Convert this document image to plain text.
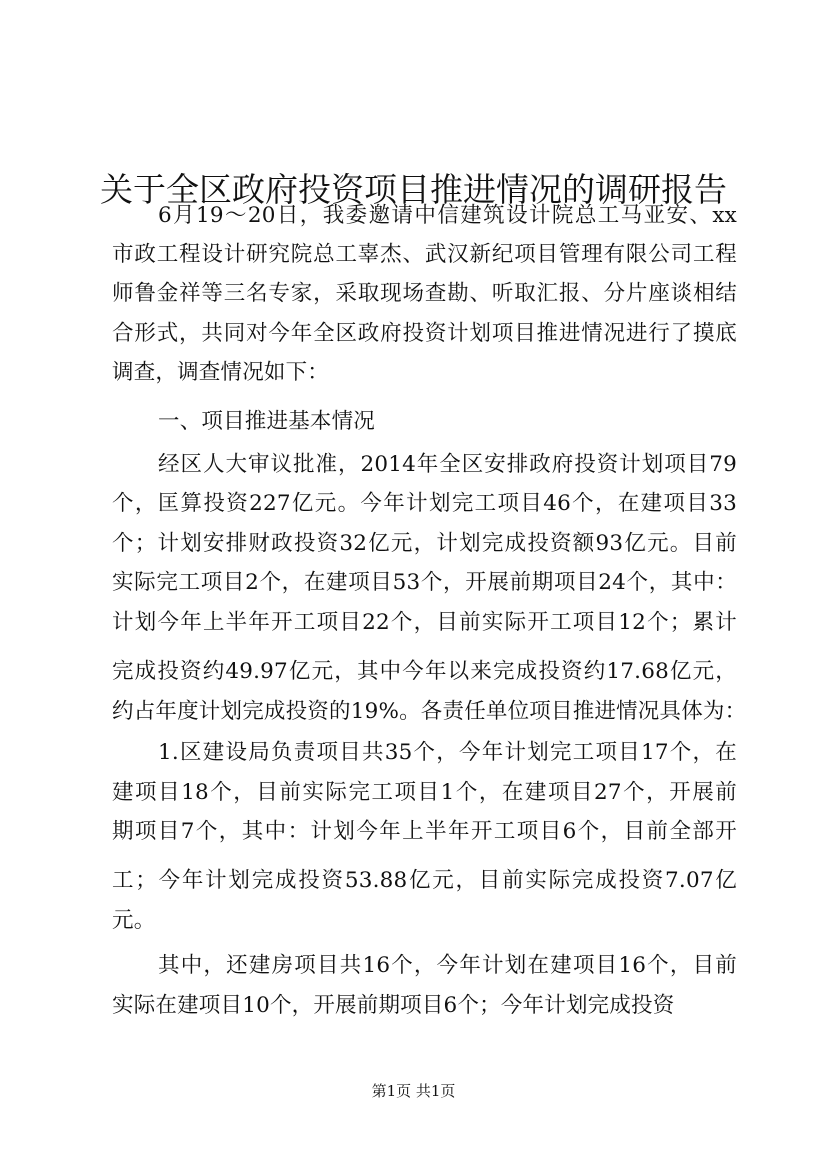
关于全区政府投资项目推进情况的调研报告
6月19～20日，我委邀请中信建筑设计院总工马亚安、xx
市政工程设计研究院总工辜杰、武汉新纪项目管理有限公司工程
师鲁金祥等三名专家，采取现场查勘、听取汇报、分片座谈相结
合形式，共同对今年全区政府投资计划项目推进情况进行了摸底
调查，调查情况如下：
一、项目推进基本情况
经区人大审议批准，2014年全区安排政府投资计划项目79
个，匡算投资227亿元。今年计划完工项目46个，在建项目33
个；计划安排财政投资32亿元，计划完成投资额93亿元。目前
实际完工项目2个，在建项目53个，开展前期项目24个，其中：
计划今年上半年开工项目22个，目前实际开工项目12个；累计
完成投资约49.97亿元，其中今年以来完成投资约17.68亿元，
约占年度计划完成投资的19%。各责任单位项目推进情况具体为：
1.区建设局负责项目共35个，今年计划完工项目17个，在
建项目18个，目前实际完工项目1个，在建项目27个，开展前
期项目7个，其中：计划今年上半年开工项目6个，目前全部开
工；今年计划完成投资53.88亿元，目前实际完成投资7.07亿
元。
其中，还建房项目共16个，今年计划在建项目16个，目前
实际在建项目10个，开展前期项目6个；今年计划完成投资
第1页 共1页
